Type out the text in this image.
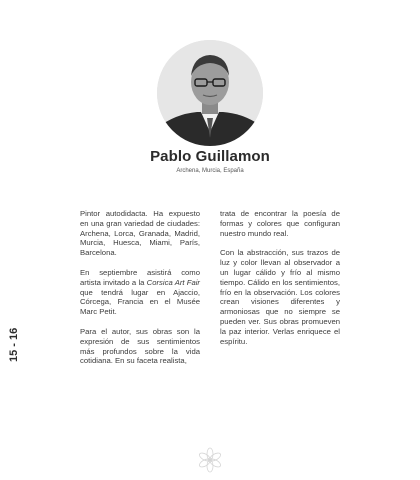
Pablo Guillamon
Archena, Murcia, España

Pintor autodidacta. Ha expuesto en una gran variedad de ciudades: Archena, Lorca, Granada, Madrid, Murcia, Huesca, Miami, París, Barcelona.

En septiembre asistirá como artista invitado a la Corsica Art Fair que tendrá lugar en Ajaccio, Córcega, Francia en el Musée Marc Petit.

Para el autor, sus obras son la expresión de sus sentimientos más profundos sobre la vida cotidiana. En su faceta realista,

trata de encontrar la poesía de formas y colores que configuran nuestro mundo real.

Con la abstracción, sus trazos de luz y color llevan al observador a un lugar cálido y frío al mismo tiempo. Cálido en los sentimientos, frío en la observación. Los colores crean visiones diferentes y armoniosas que no siempre se pueden ver. Sus obras promueven la paz interior. Verlas enriquece el espíritu.

15 - 16
